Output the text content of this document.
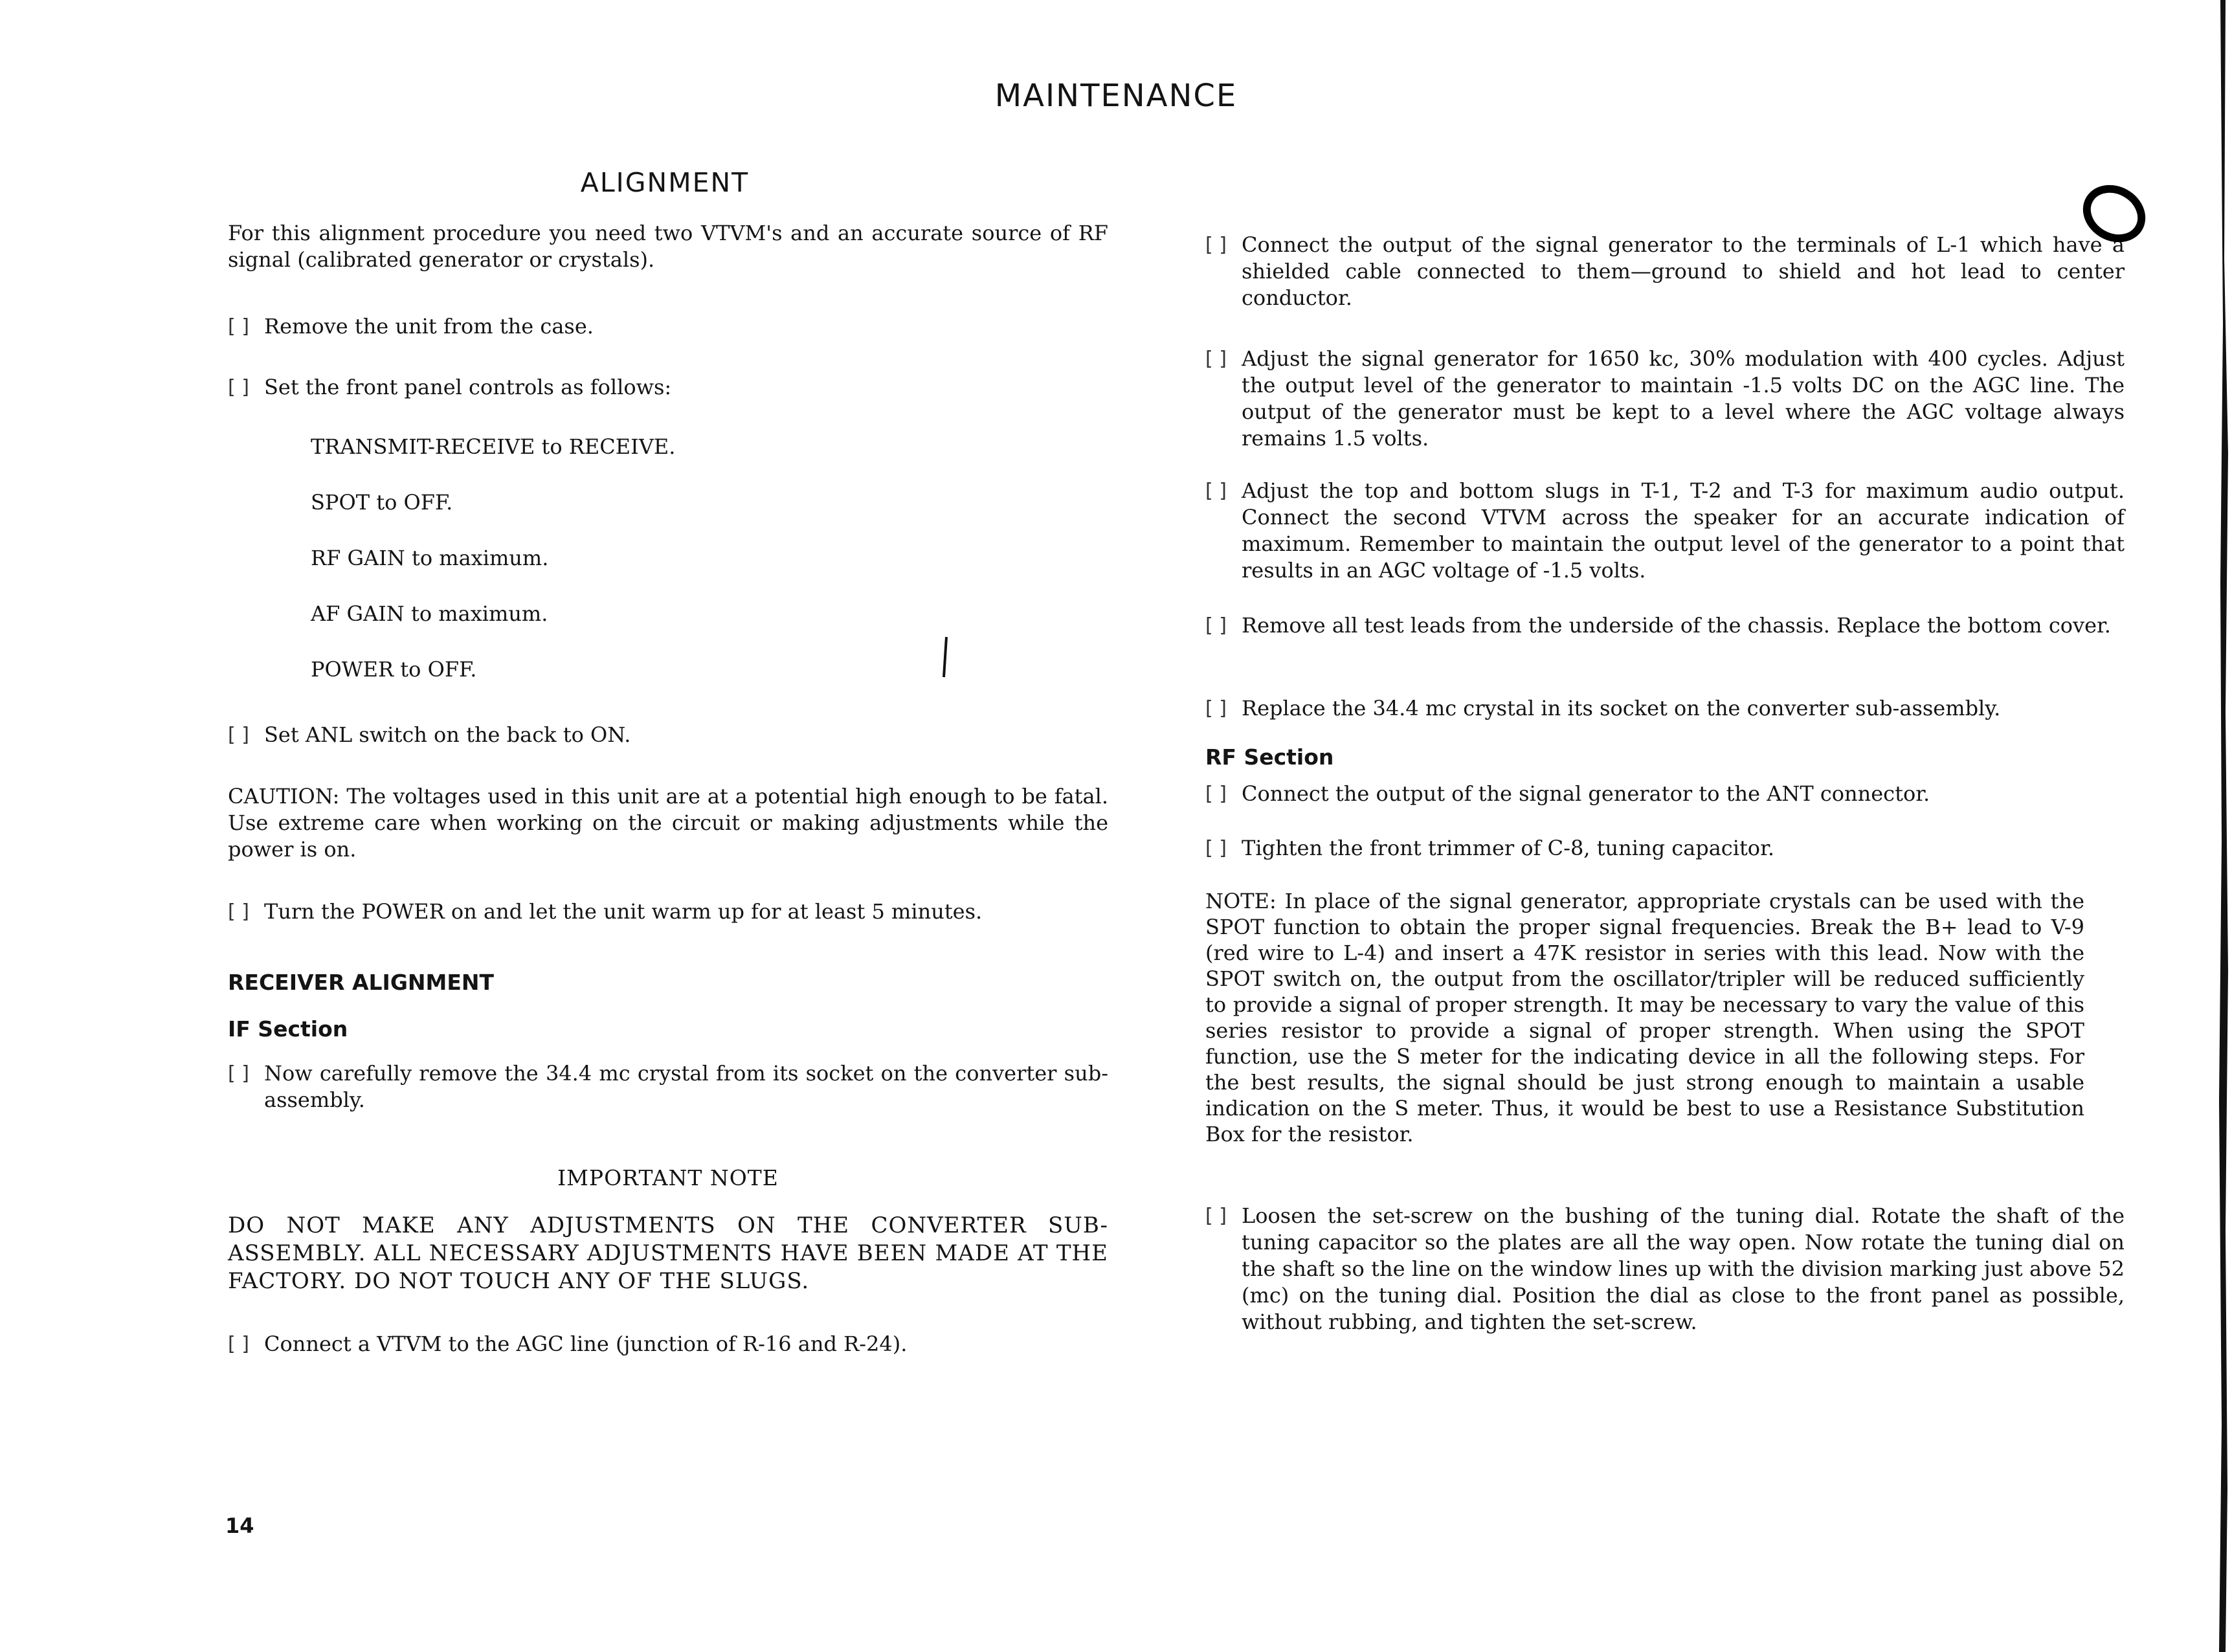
MAINTENANCE
ALIGNMENT

For this alignment procedure you need two VTVM's and an accurate source of RF signal (calibrated generator or crystals).

[ ] Remove the unit from the case.
[ ] Set the front panel controls as follows:

TRANSMIT-RECEIVE to RECEIVE.

SPOT to OFF.

RF GAIN to maximum.

AF GAIN to maximum.

POWER to OFF.

[ ] Set ANL switch on the back to ON.

CAUTION: The voltages used in this unit are at a potential high enough to be fatal. Use extreme care when working on the circuit or making adjustments while the power is on.

[ ] Turn the POWER on and let the unit warm up for at least 5 minutes.
RECEIVER ALIGNMENT
IF Section
[ ] Now carefully remove the 34.4 mc crystal from its socket on the converter sub-assembly.

IMPORTANT NOTE

DO NOT MAKE ANY ADJUSTMENTS ON THE CONVERTER SUB-ASSEMBLY. ALL NECESSARY ADJUSTMENTS HAVE BEEN MADE AT THE FACTORY. DO NOT TOUCH ANY OF THE SLUGS.

[ ] Connect a VTVM to the AGC line (junction of R-16 and R-24).

14

[ ] Connect the output of the signal generator to the terminals of L-1 which have a shielded cable connected to them—ground to shield and hot lead to center conductor.
[ ] Adjust the signal generator for 1650 kc, 30% modulation with 400 cycles. Adjust the output level of the generator to maintain -1.5 volts DC on the AGC line. The output of the generator must be kept to a level where the AGC voltage always remains 1.5 volts.
[ ] Adjust the top and bottom slugs in T-1, T-2 and T-3 for maximum audio output. Connect the second VTVM across the speaker for an accurate indication of maximum. Remember to maintain the output level of the generator to a point that results in an AGC voltage of -1.5 volts.
[ ] Remove all test leads from the underside of the chassis. Replace the bottom cover.
[ ] Replace the 34.4 mc crystal in its socket on the converter sub-assembly.
RF Section
[ ] Connect the output of the signal generator to the ANT connector.
[ ] Tighten the front trimmer of C-8, tuning capacitor.

NOTE: In place of the signal generator, appropriate crystals can be used with the SPOT function to obtain the proper signal frequencies. Break the B+ lead to V-9 (red wire to L-4) and insert a 47K resistor in series with this lead. Now with the SPOT switch on, the output from the oscillator/tripler will be reduced sufficiently to provide a signal of proper strength. It may be necessary to vary the value of this series resistor to provide a signal of proper strength. When using the SPOT function, use the S meter for the indicating device in all the following steps. For the best results, the signal should be just strong enough to maintain a usable indication on the S meter. Thus, it would be best to use a Resistance Substitution Box for the resistor.

[ ] Loosen the set-screw on the bushing of the tuning dial. Rotate the shaft of the tuning capacitor so the plates are all the way open. Now rotate the tuning dial on the shaft so the line on the window lines up with the division marking just above 52 (mc) on the tuning dial. Position the dial as close to the front panel as possible, without rubbing, and tighten the set-screw.
